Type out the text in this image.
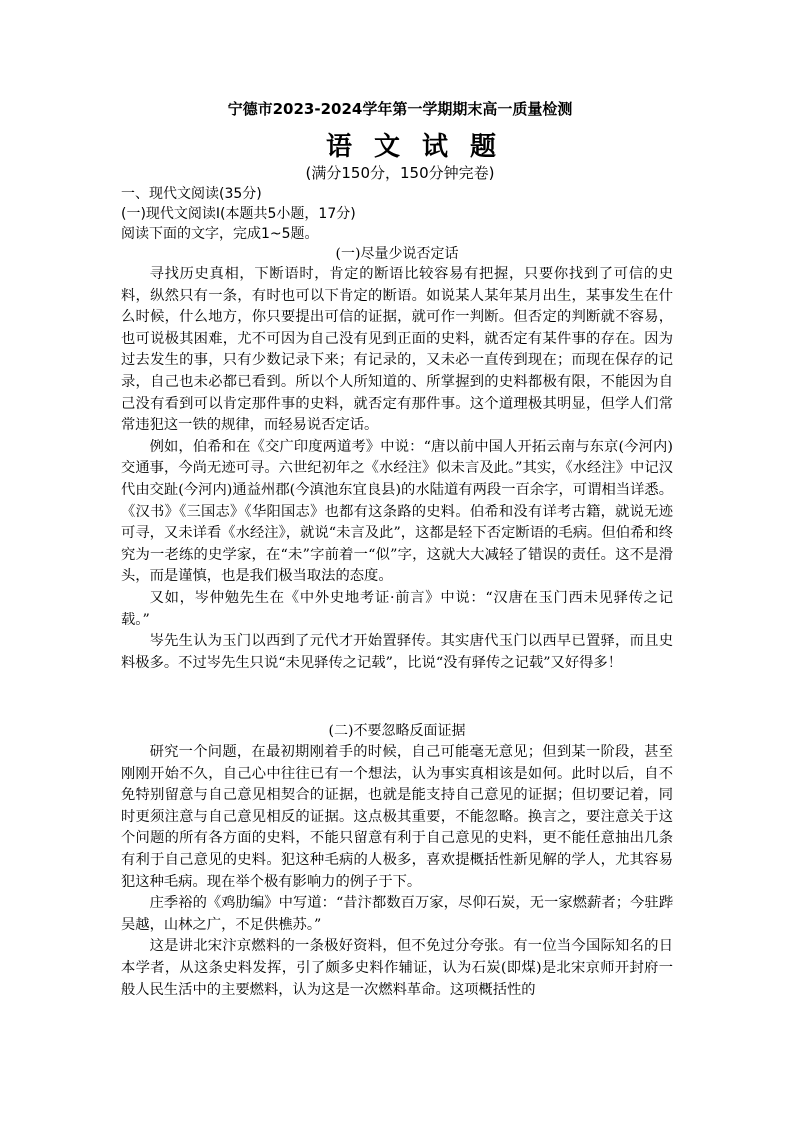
宁德市2023-2024学年第一学期期末高一质量检测
语文试题
(满分150分，150分钟完卷)
一、现代文阅读(35分)
(一)现代文阅读Ⅰ(本题共5小题，17分)
阅读下面的文字，完成1~5题。
(一)尽量少说否定话

寻找历史真相，下断语时，肯定的断语比较容易有把握，只要你找到了可信的史料，纵然只有一条，有时也可以下肯定的断语。如说某人某年某月出生，某事发生在什么时候，什么地方，你只要提出可信的证据，就可作一判断。但否定的判断就不容易，也可说极其困难，尤不可因为自己没有见到正面的史料，就否定有某件事的存在。因为过去发生的事，只有少数记录下来；有记录的，又未必一直传到现在；而现在保存的记录，自己也未必都已看到。所以个人所知道的、所掌握到的史料都极有限，不能因为自己没有看到可以肯定那件事的史料，就否定有那件事。这个道理极其明显，但学人们常常违犯这一铁的规律，而轻易说否定话。

例如，伯希和在《交广印度两道考》中说：“唐以前中国人开拓云南与东京(今河内)交通事，今尚无迹可寻。六世纪初年之《水经注》似未言及此。”其实，《水经注》中记汉代由交趾(今河内)通益州郡(今滇池东宜良县)的水陆道有两段一百余字，可谓相当详悉。《汉书》《三国志》《华阳国志》也都有这条路的史料。伯希和没有详考古籍，就说无迹可寻，又未详看《水经注》，就说“未言及此”，这都是轻下否定断语的毛病。但伯希和终究为一老练的史学家，在“未”字前着一“似”字，这就大大减轻了错误的责任。这不是滑头，而是谨慎，也是我们极当取法的态度。

又如，岑仲勉先生在《中外史地考证·前言》中说：“汉唐在玉门西未见驿传之记载。”

岑先生认为玉门以西到了元代才开始置驿传。其实唐代玉门以西早已置驿，而且史料极多。不过岑先生只说“未见驿传之记载”，比说“没有驿传之记载”又好得多！

(二)不要忽略反面证据

研究一个问题，在最初期刚着手的时候，自己可能毫无意见；但到某一阶段，甚至刚刚开始不久，自己心中往往已有一个想法，认为事实真相该是如何。此时以后，自不免特别留意与自己意见相契合的证据，也就是能支持自己意见的证据；但切要记着，同时更须注意与自己意见相反的证据。这点极其重要，不能忽略。换言之，要注意关于这个问题的所有各方面的史料，不能只留意有利于自己意见的史料，更不能任意抽出几条有利于自己意见的史料。犯这种毛病的人极多，喜欢提概括性新见解的学人，尤其容易犯这种毛病。现在举个极有影响力的例子于下。

庄季裕的《鸡肋编》中写道：“昔汴都数百万家，尽仰石炭，无一家燃薪者；今驻跸吴越，山林之广，不足供樵苏。”

这是讲北宋汴京燃料的一条极好资料，但不免过分夸张。有一位当今国际知名的日本学者，从这条史料发挥，引了颇多史料作辅证，认为石炭(即煤)是北宋京师开封府一般人民生活中的主要燃料，认为这是一次燃料革命。这项概括性的
